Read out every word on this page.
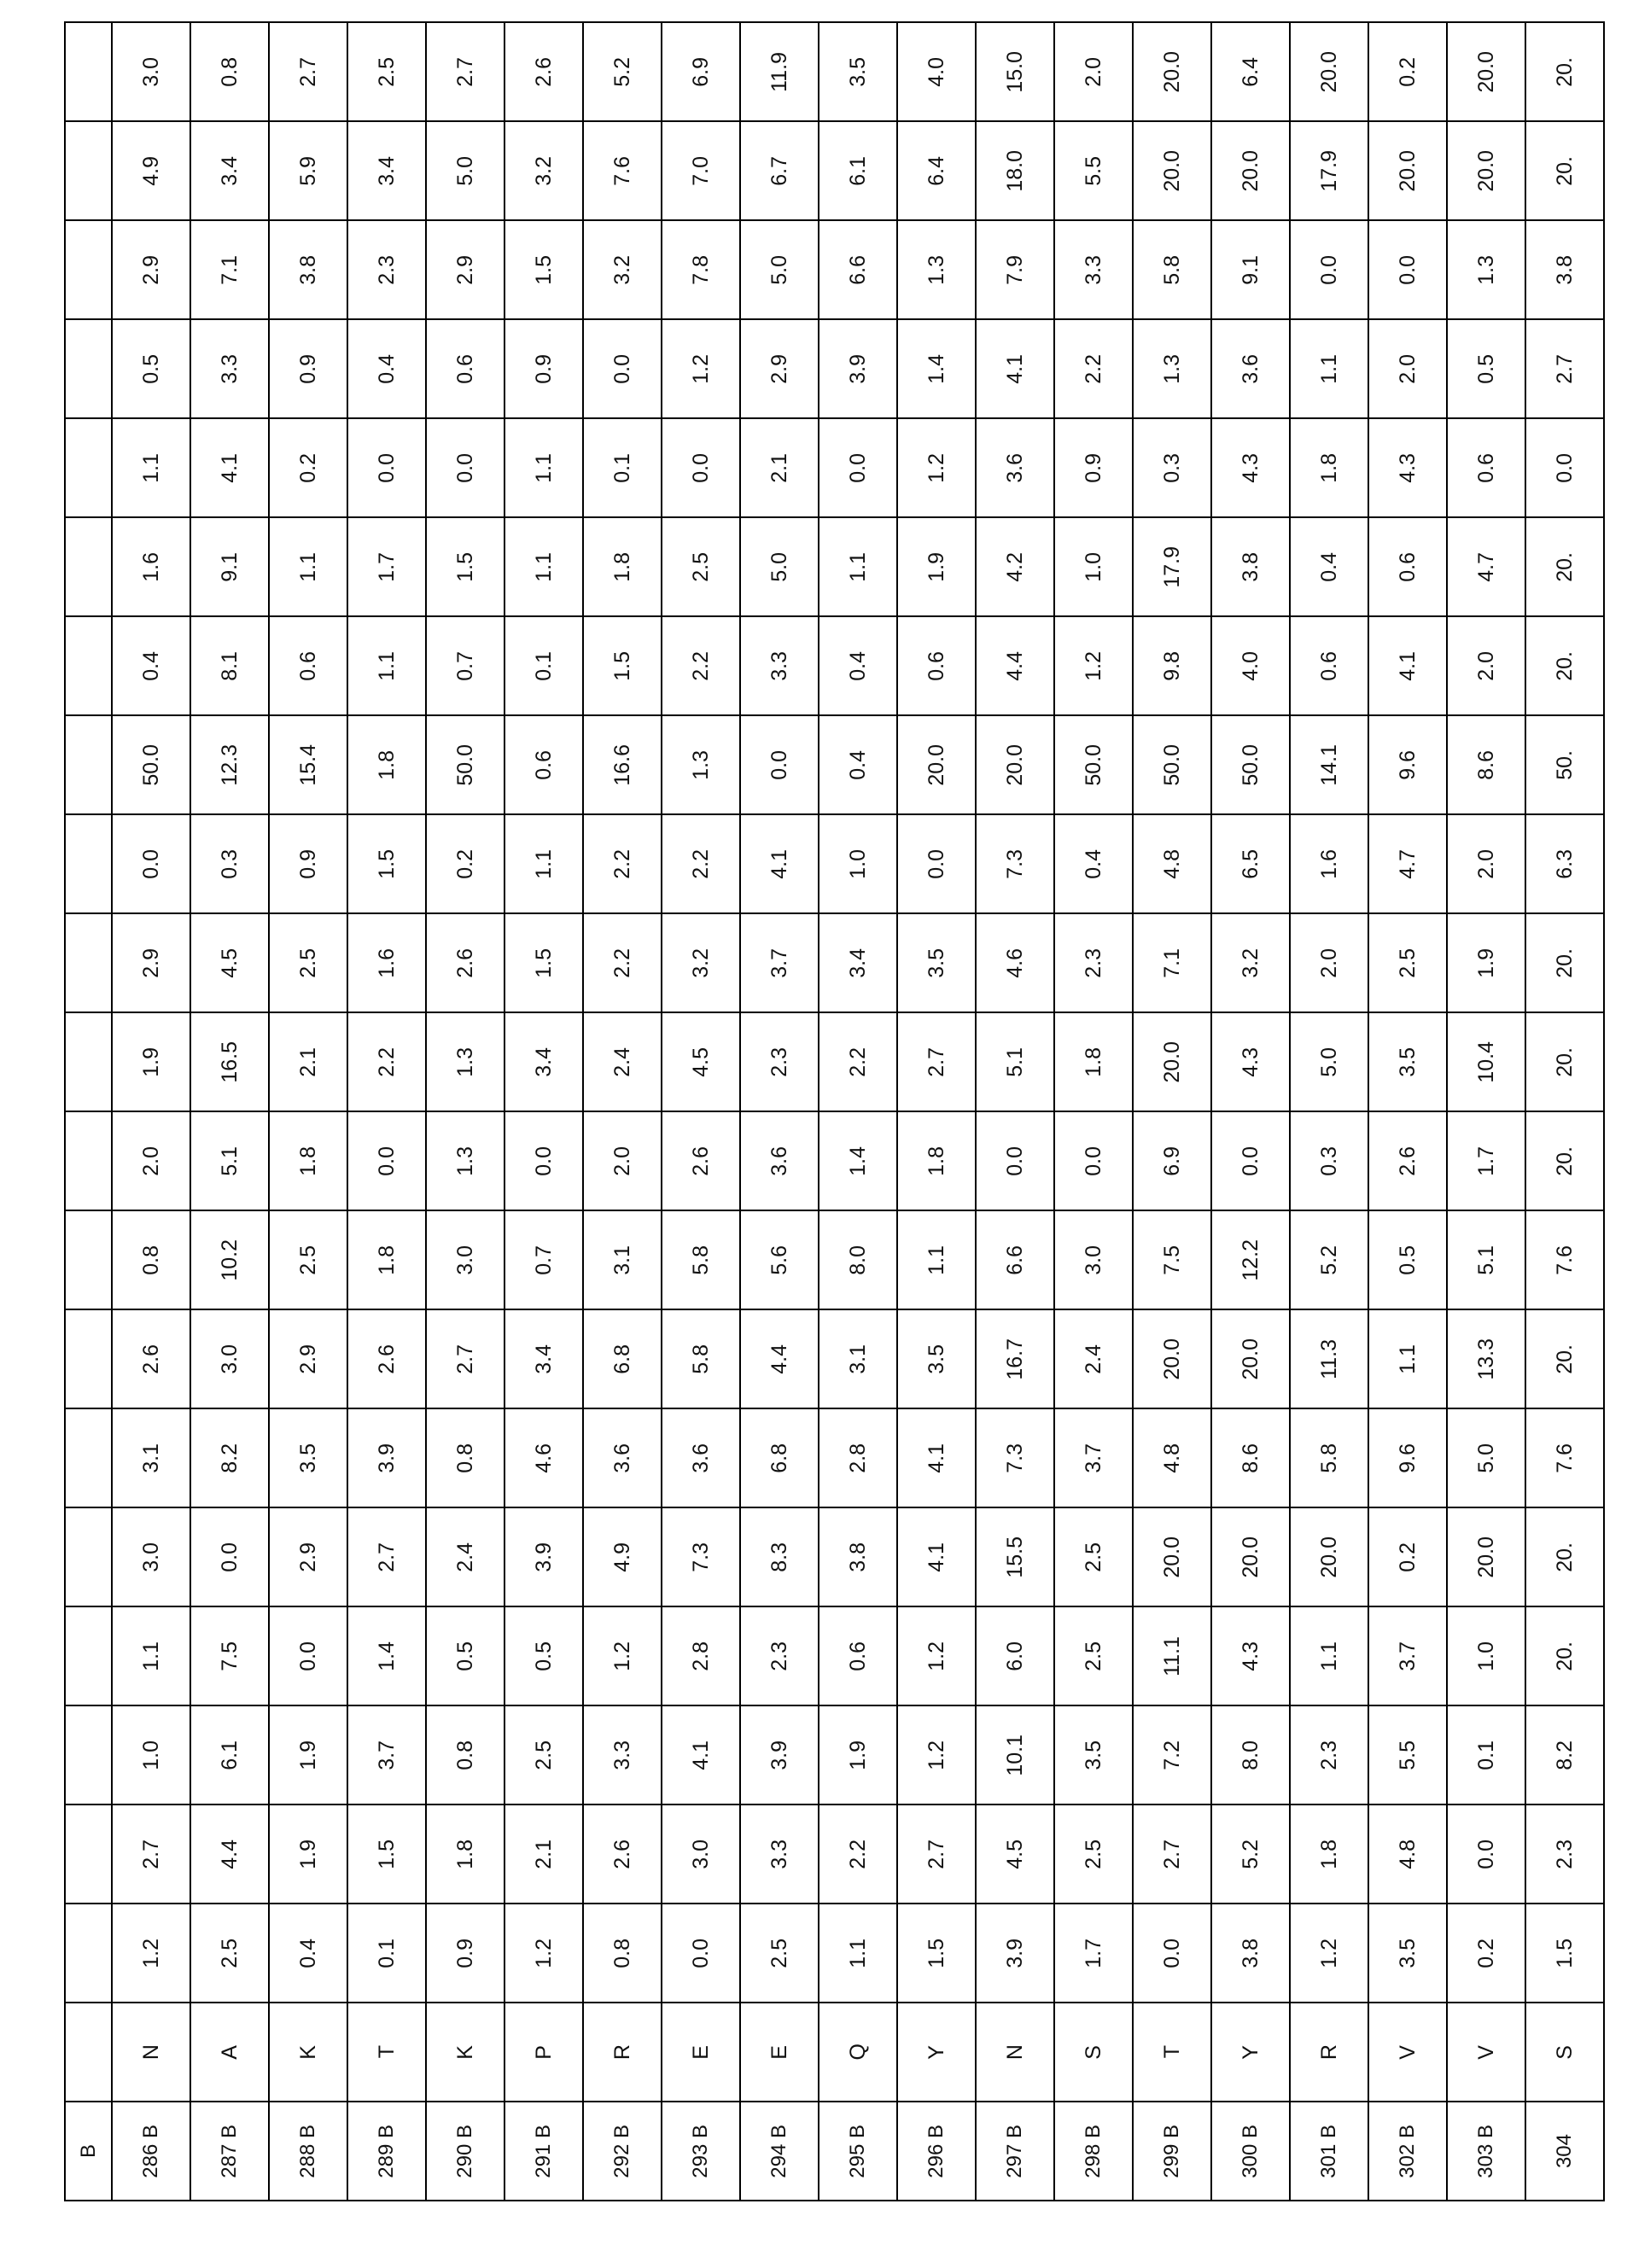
3.0	0.8	2.7	2.5	2.7	2.6	5.2	6.9	11.9	3.5	4.0	15.0	2.0	20.0	6.4	20.0	0.2	20.0	20.
4.9	3.4	5.9	3.4	5.0	3.2	7.6	7.0	6.7	6.1	6.4	18.0	5.5	20.0	20.0	17.9	20.0	20.0	20.
2.9	7.1	3.8	2.3	2.9	1.5	3.2	7.8	5.0	6.6	1.3	7.9	3.3	5.8	9.1	0.0	0.0	1.3	3.8
0.5	3.3	0.9	0.4	0.6	0.9	0.0	1.2	2.9	3.9	1.4	4.1	2.2	1.3	3.6	1.1	2.0	0.5	2.7
1.1	4.1	0.2	0.0	0.0	1.1	0.1	0.0	2.1	0.0	1.2	3.6	0.9	0.3	4.3	1.8	4.3	0.6	0.0
1.6	9.1	1.1	1.7	1.5	1.1	1.8	2.5	5.0	1.1	1.9	4.2	1.0	17.9	3.8	0.4	0.6	4.7	20.
0.4	8.1	0.6	1.1	0.7	0.1	1.5	2.2	3.3	0.4	0.6	4.4	1.2	9.8	4.0	0.6	4.1	2.0	20.
50.0	12.3	15.4	1.8	50.0	0.6	16.6	1.3	0.0	0.4	20.0	20.0	50.0	50.0	50.0	14.1	9.6	8.6	50.
0.0	0.3	0.9	1.5	0.2	1.1	2.2	2.2	4.1	1.0	0.0	7.3	0.4	4.8	6.5	1.6	4.7	2.0	6.3
2.9	4.5	2.5	1.6	2.6	1.5	2.2	3.2	3.7	3.4	3.5	4.6	2.3	7.1	3.2	2.0	2.5	1.9	20.
1.9	16.5	2.1	2.2	1.3	3.4	2.4	4.5	2.3	2.2	2.7	5.1	1.8	20.0	4.3	5.0	3.5	10.4	20.
2.0	5.1	1.8	0.0	1.3	0.0	2.0	2.6	3.6	1.4	1.8	0.0	0.0	6.9	0.0	0.3	2.6	1.7	20.
0.8	10.2	2.5	1.8	3.0	0.7	3.1	5.8	5.6	8.0	1.1	6.6	3.0	7.5	12.2	5.2	0.5	5.1	7.6
2.6	3.0	2.9	2.6	2.7	3.4	6.8	5.8	4.4	3.1	3.5	16.7	2.4	20.0	20.0	11.3	1.1	13.3	20.
3.1	8.2	3.5	3.9	0.8	4.6	3.6	3.6	6.8	2.8	4.1	7.3	3.7	4.8	8.6	5.8	9.6	5.0	7.6
3.0	0.0	2.9	2.7	2.4	3.9	4.9	7.3	8.3	3.8	4.1	15.5	2.5	20.0	20.0	20.0	0.2	20.0	20.
1.1	7.5	0.0	1.4	0.5	0.5	1.2	2.8	2.3	0.6	1.2	6.0	2.5	11.1	4.3	1.1	3.7	1.0	20.
1.0	6.1	1.9	3.7	0.8	2.5	3.3	4.1	3.9	1.9	1.2	10.1	3.5	7.2	8.0	2.3	5.5	0.1	8.2
2.7	4.4	1.9	1.5	1.8	2.1	2.6	3.0	3.3	2.2	2.7	4.5	2.5	2.7	5.2	1.8	4.8	0.0	2.3
1.2	2.5	0.4	0.1	0.9	1.2	0.8	0.0	2.5	1.1	1.5	3.9	1.7	0.0	3.8	1.2	3.5	0.2	1.5
N	A	K	T	K	P	R	E	E	Q	Y	N	S	T	Y	R	V	V	S
B 286 B	287 B	288 B	289 B	290 B	291 B	292 B	293 B	294 B	295 B	296 B	297 B	298 B	299 B	300 B	301 B	302 B	303 B	304
